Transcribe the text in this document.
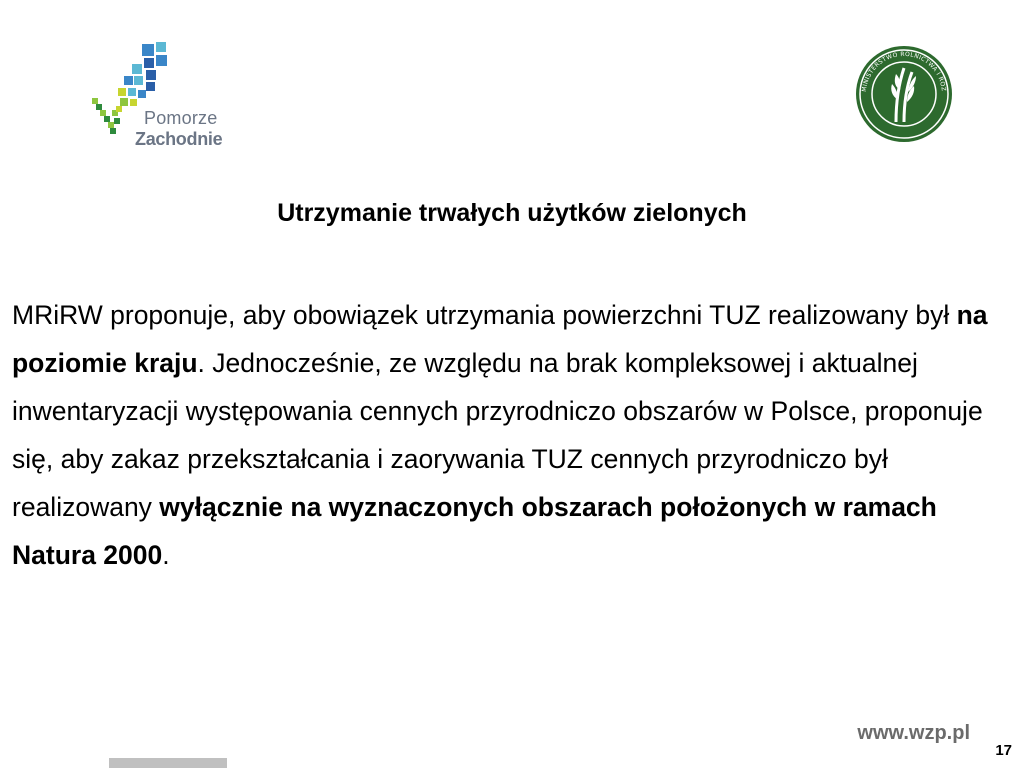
Pomorze
Zachodnie
MINISTERSTWO ROLNICTWA I ROZ
Utrzymanie trwałych użytków zielonych

MRiRW proponuje, aby obowiązek utrzymania powierzchni TUZ realizowany był na poziomie kraju. Jednocześnie, ze względu na brak kompleksowej i aktualnej inwentaryzacji występowania cennych przyrodniczo obszarów w Polsce, proponuje się, aby zakaz przekształcania i zaorywania TUZ cennych przyrodniczo był realizowany wyłącznie na wyznaczonych obszarach położonych w ramach Natura 2000.

www.wzp.pl
17
